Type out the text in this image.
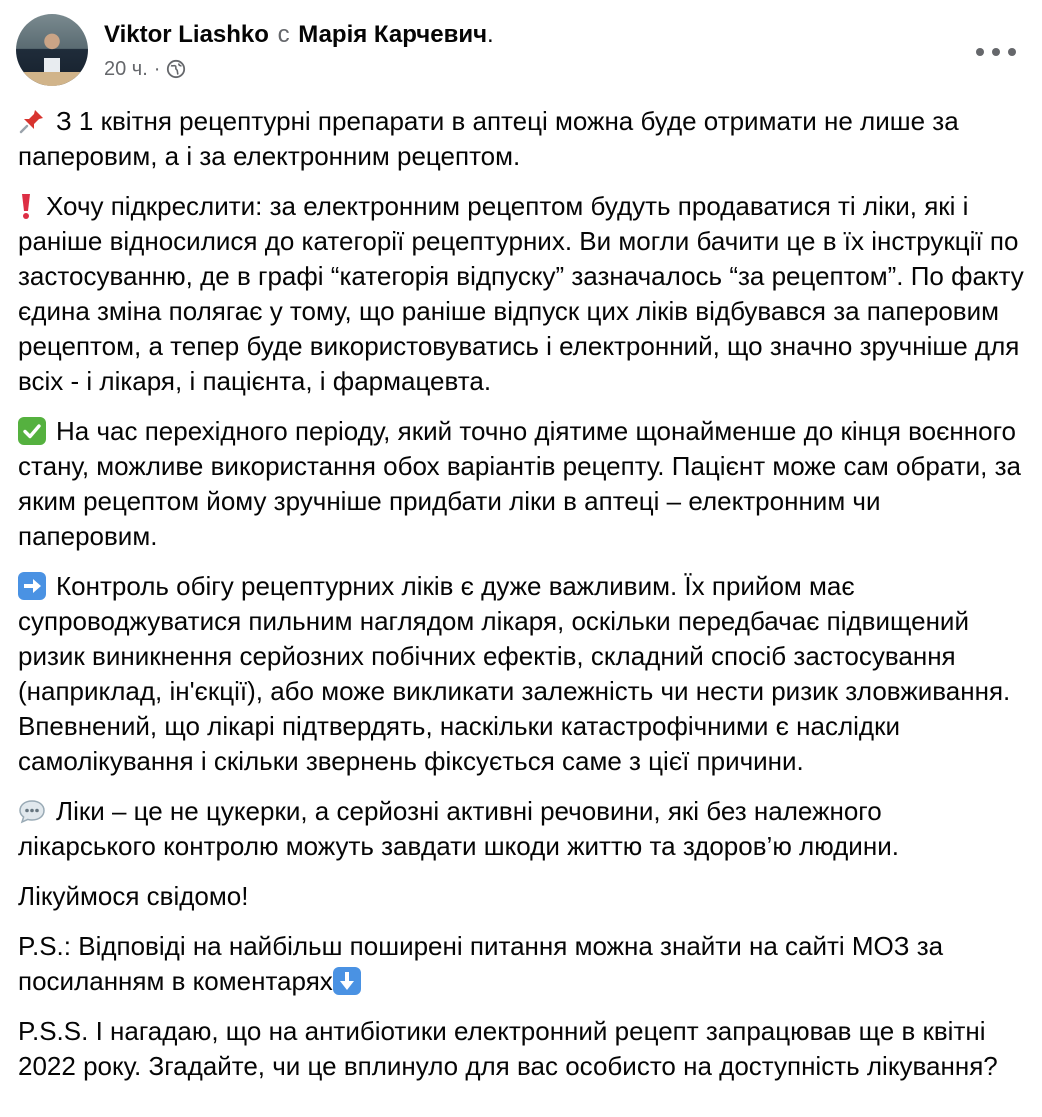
Viktor Liashko с Марія Карчевич.
20 ч. ·

З 1 квітня рецептурні препарати в аптеці можна буде отримати не лише за паперовим, а і за електронним рецептом.

Хочу підкреслити: за електронним рецептом будуть продаватися ті ліки, які і раніше відносилися до категорії рецептурних. Ви могли бачити це в їх інструкції по застосуванню, де в графі “категорія відпуску” зазначалось “за рецептом”. По факту єдина зміна полягає у тому, що раніше відпуск цих ліків відбувався за паперовим рецептом, а тепер буде використовуватись і електронний, що значно зручніше для всіх - і лікаря, і пацієнта, і фармацевта.

На час перехідного періоду, який точно діятиме щонайменше до кінця воєнного стану, можливе використання обох варіантів рецепту. Пацієнт може сам обрати, за яким рецептом йому зручніше придбати ліки в аптеці – електронним чи паперовим.

Контроль обігу рецептурних ліків є дуже важливим. Їх прийом має супроводжуватися пильним наглядом лікаря, оскільки передбачає підвищений ризик виникнення серйозних побічних ефектів, складний спосіб застосування (наприклад, ін'єкції), або може викликати залежність чи нести ризик зловживання. Впевнений, що лікарі підтвердять, наскільки катастрофічними є наслідки самолікування і скільки звернень фіксується саме з цієї причини.

Ліки – це не цукерки, а серйозні активні речовини, які без належного лікарського контролю можуть завдати шкоди життю та здоров’ю людини.

Лікуймося свідомо!

P.S.: Відповіді на найбільш поширені питання можна знайти на сайті МОЗ за посиланням в коментарях

P.S.S. І нагадаю, що на антибіотики електронний рецепт запрацював ще в квітні 2022 року. Згадайте, чи це вплинуло для вас особисто на доступність лікування?
